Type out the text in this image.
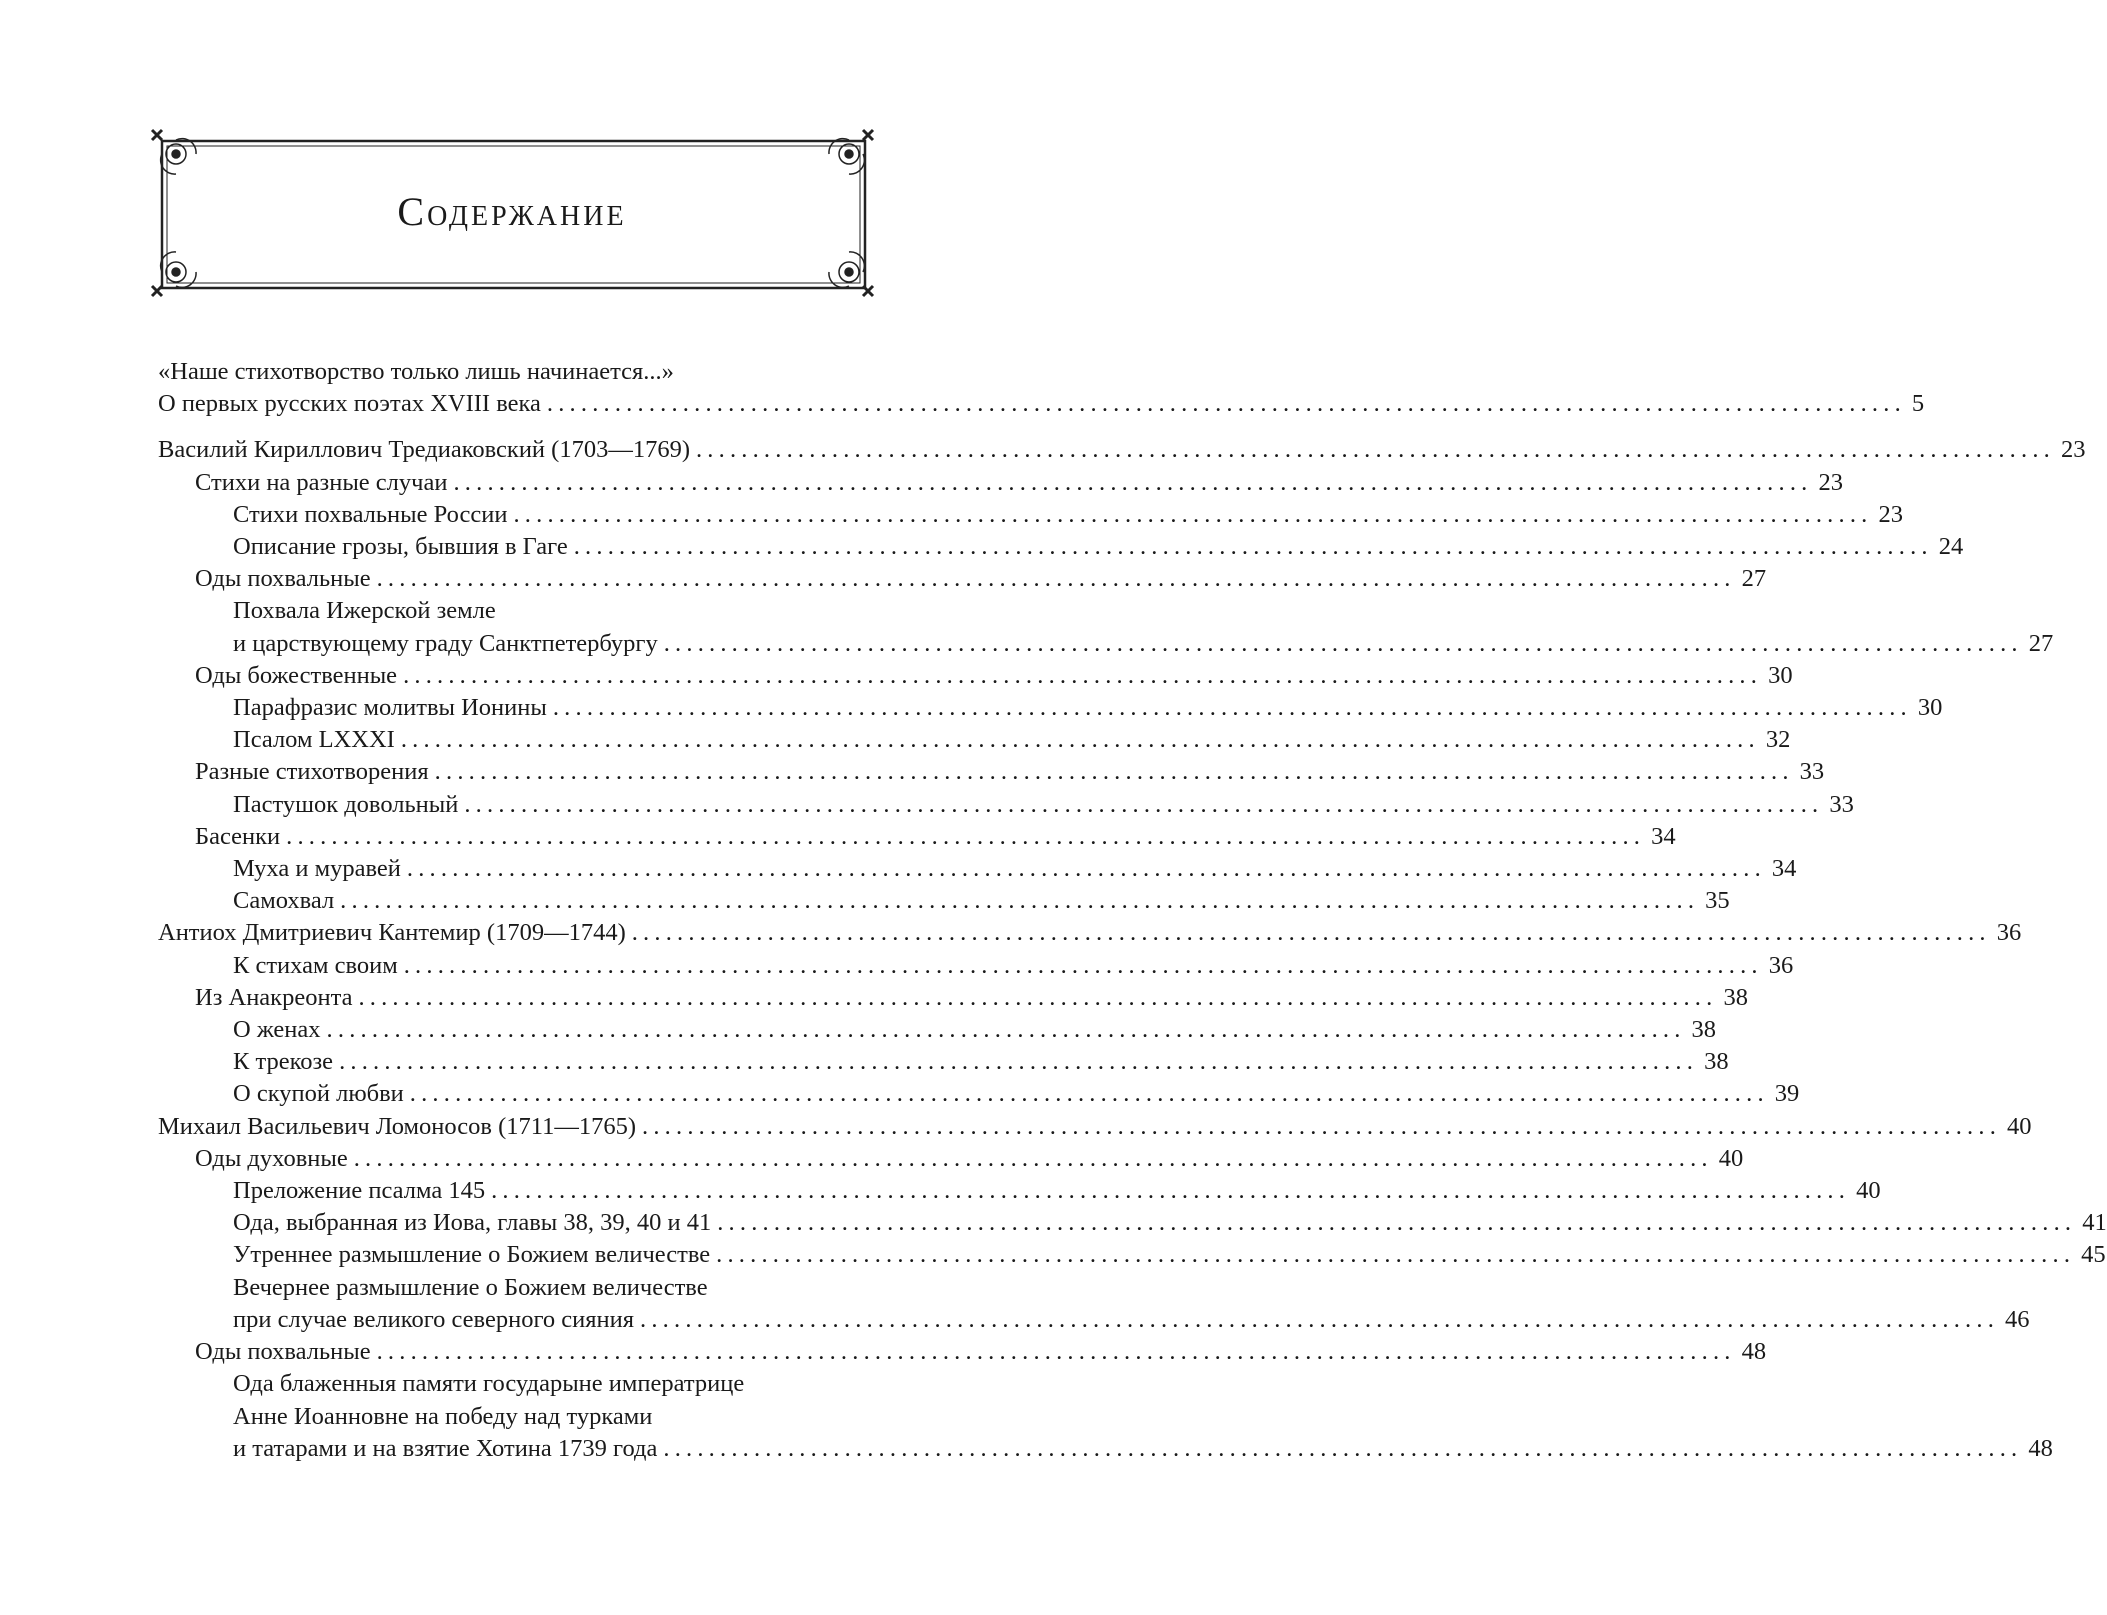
Содержание
«Наше стихотворство только лишь начинается...»
О первых русских поэтах XVIII века ........................................................................................................................ 5
Василий Кириллович Тредиаковский (1703—1769) ........................................................................................................................ 23
Стихи на разные случаи ........................................................................................................................ 23
Стихи похвальные России ........................................................................................................................ 23
Описание грозы, бывшия в Гаге ........................................................................................................................ 24
Оды похвальные ........................................................................................................................ 27
Похвала Ижерской земле
и царствующему граду Санктпетербургу ........................................................................................................................ 27
Оды божественные ........................................................................................................................ 30
Парафразис молитвы Ионины ........................................................................................................................ 30
Псалом LXXXI ........................................................................................................................ 32
Разные стихотворения ........................................................................................................................ 33
Пастушок довольный ........................................................................................................................ 33
Басенки ........................................................................................................................ 34
Муха и муравей ........................................................................................................................ 34
Самохвал ........................................................................................................................ 35
Антиох Дмитриевич Кантемир (1709—1744) ........................................................................................................................ 36
К стихам своим ........................................................................................................................ 36
Из Анакреонта ........................................................................................................................ 38
О женах ........................................................................................................................ 38
К трекозе ........................................................................................................................ 38
О скупой любви ........................................................................................................................ 39
Михаил Васильевич Ломоносов (1711—1765) ........................................................................................................................ 40
Оды духовные ........................................................................................................................ 40
Преложение псалма 145 ........................................................................................................................ 40
Ода, выбранная из Иова, главы 38, 39, 40 и 41 ........................................................................................................................ 41
Утреннее размышление о Божием величестве ........................................................................................................................ 45
Вечернее размышление о Божием величестве
при случае великого северного сияния ........................................................................................................................ 46
Оды похвальные ........................................................................................................................ 48
Ода блаженныя памяти государыне императрице
Анне Иоанновне на победу над турками
и татарами и на взятие Хотина 1739 года ........................................................................................................................ 48
